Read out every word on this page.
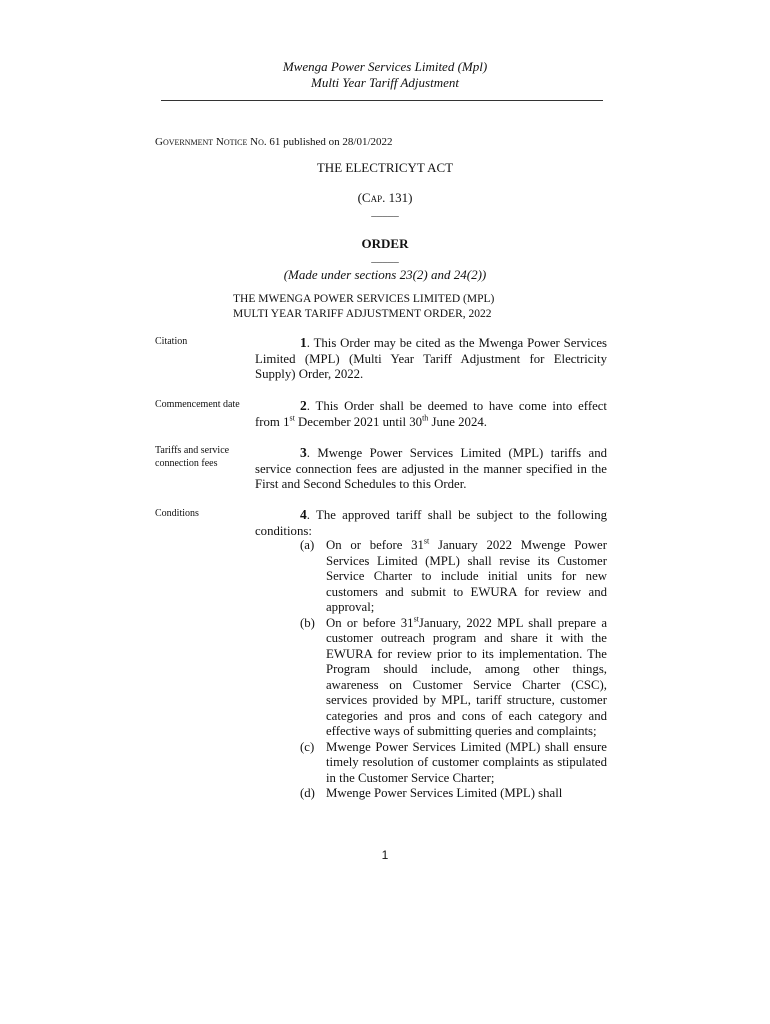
Mwenga Power Services Limited (Mpl)
Multi Year Tariff Adjustment
Government Notice No. 61 published on 28/01/2022
THE ELECTRICYT ACT
(Cap. 131)
_____
ORDER
_____
(Made under sections 23(2) and 24(2))
THE MWENGA POWER SERVICES LIMITED (MPL)
MULTI YEAR TARIFF ADJUSTMENT ORDER, 2022
Citation	1. This Order may be cited as the Mwenga Power Services Limited (MPL) (Multi Year Tariff Adjustment for Electricity Supply) Order, 2022.
Commencement date	2. This Order shall be deemed to have come into effect from 1st December 2021 until 30th June 2024.
Tariffs and service connection fees
3. Mwenge Power Services Limited (MPL) tariffs and service connection fees are adjusted in the manner specified in the First and Second Schedules to this Order.
Conditions	4. The approved tariff shall be subject to the following conditions:

(a) On or before 31st January 2022 Mwenge Power Services Limited (MPL) shall revise its Customer Service Charter to include initial units for new customers and submit to EWURA for review and approval;

(b) On or before 31stJanuary, 2022 MPL shall prepare a customer outreach program and share it with the EWURA for review prior to its implementation. The Program should include, among other things, awareness on Customer Service Charter (CSC), services provided by MPL, tariff structure, customer categories and pros and cons of each category and effective ways of submitting queries and complaints;

(c) Mwenge Power Services Limited (MPL) shall ensure timely resolution of customer complaints as stipulated in the Customer Service Charter;

(d) Mwenge Power Services Limited (MPL) shall

1
